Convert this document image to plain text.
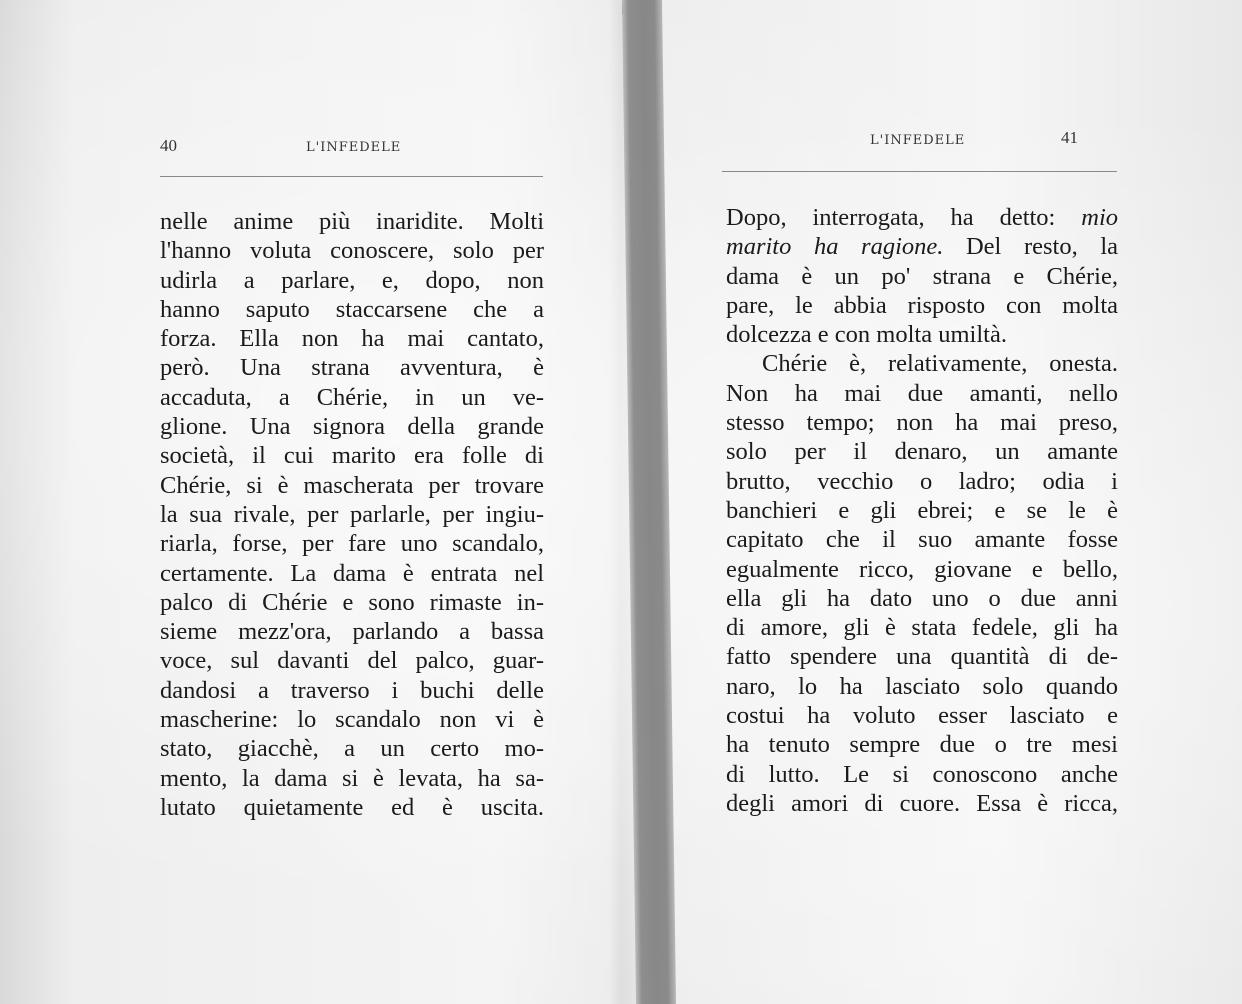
40	L'INFEDELE
nelle anime più inaridite. Molti
l'hanno voluta conoscere, solo per
udirla a parlare, e, dopo, non
hanno saputo staccarsene che a
forza. Ella non ha mai cantato,
però. Una strana avventura, è
accaduta, a Chérie, in un ve-
glione. Una signora della grande
società, il cui marito era folle di
Chérie, si è mascherata per trovare
la sua rivale, per parlarle, per ingiu-
riarla, forse, per fare uno scandalo,
certamente. La dama è entrata nel
palco di Chérie e sono rimaste in-
sieme mezz'ora, parlando a bassa
voce, sul davanti del palco, guar-
dandosi a traverso i buchi delle
mascherine: lo scandalo non vi è
stato, giacchè, a un certo mo-
mento, la dama si è levata, ha sa-
lutato quietamente ed è uscita.
L'INFEDELE	41
Dopo, interrogata, ha detto: mio
marito ha ragione. Del resto, la
dama è un po' strana e Chérie,
pare, le abbia risposto con molta
dolcezza e con molta umiltà.
Chérie è, relativamente, onesta.
Non ha mai due amanti, nello
stesso tempo; non ha mai preso,
solo per il denaro, un amante
brutto, vecchio o ladro; odia i
banchieri e gli ebrei; e se le è
capitato che il suo amante fosse
egualmente ricco, giovane e bello,
ella gli ha dato uno o due anni
di amore, gli è stata fedele, gli ha
fatto spendere una quantità di de-
naro, lo ha lasciato solo quando
costui ha voluto esser lasciato e
ha tenuto sempre due o tre mesi
di lutto. Le si conoscono anche
degli amori di cuore. Essa è ricca,
